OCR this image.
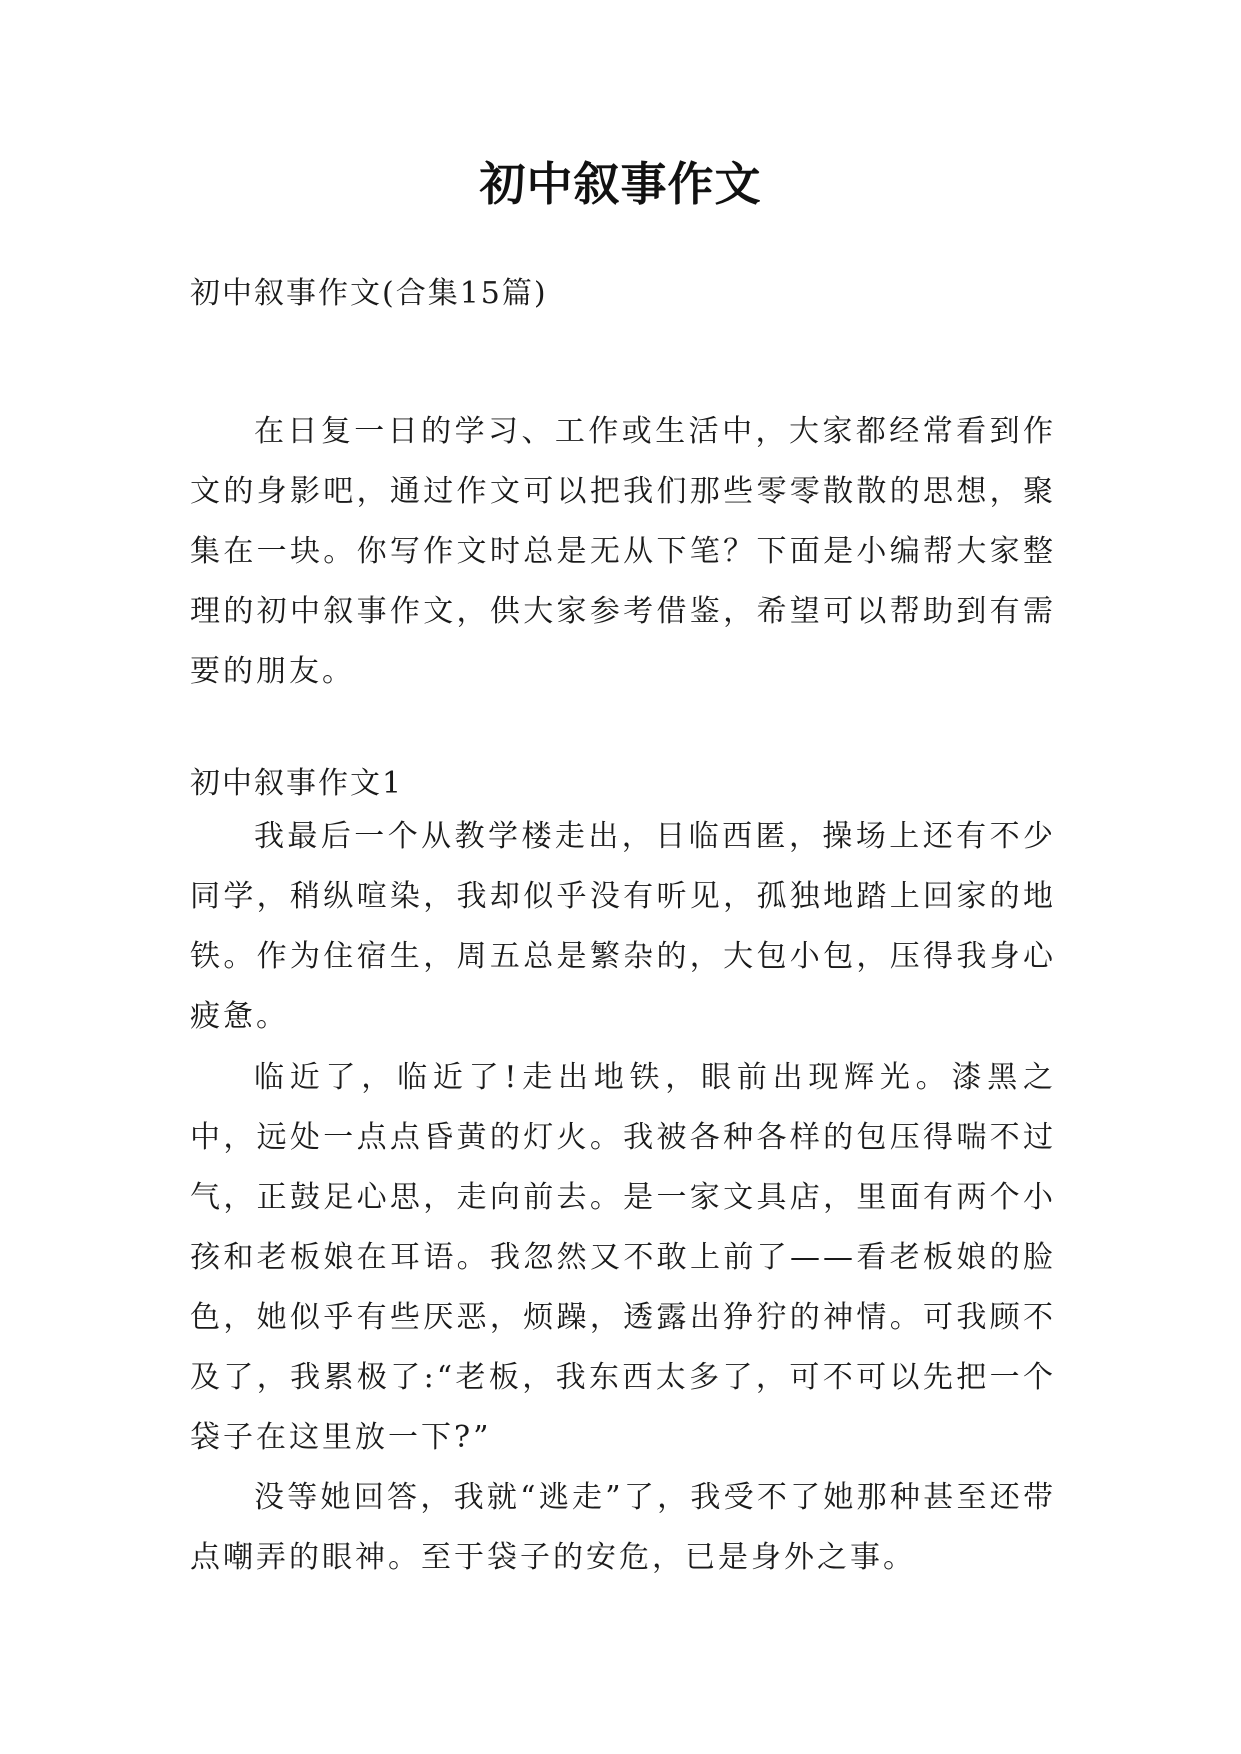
初中叙事作文
初中叙事作文(合集15篇)

在日复一日的学习、工作或生活中，大家都经常看到作文的身影吧，通过作文可以把我们那些零零散散的思想，聚集在一块。你写作文时总是无从下笔？下面是小编帮大家整理的初中叙事作文，供大家参考借鉴，希望可以帮助到有需要的朋友。

初中叙事作文1

我最后一个从教学楼走出，日临西匿，操场上还有不少同学，稍纵喧染，我却似乎没有听见，孤独地踏上回家的地铁。作为住宿生，周五总是繁杂的，大包小包，压得我身心疲惫。

临近了，临近了!走出地铁，眼前出现辉光。漆黑之中，远处一点点昏黄的灯火。我被各种各样的包压得喘不过气，正鼓足心思，走向前去。是一家文具店，里面有两个小孩和老板娘在耳语。我忽然又不敢上前了——看老板娘的脸色，她似乎有些厌恶，烦躁，透露出狰狞的神情。可我顾不及了，我累极了:“老板，我东西太多了，可不可以先把一个袋子在这里放一下?”

没等她回答，我就“逃走”了，我受不了她那种甚至还带点嘲弄的眼神。至于袋子的安危，已是身外之事。
